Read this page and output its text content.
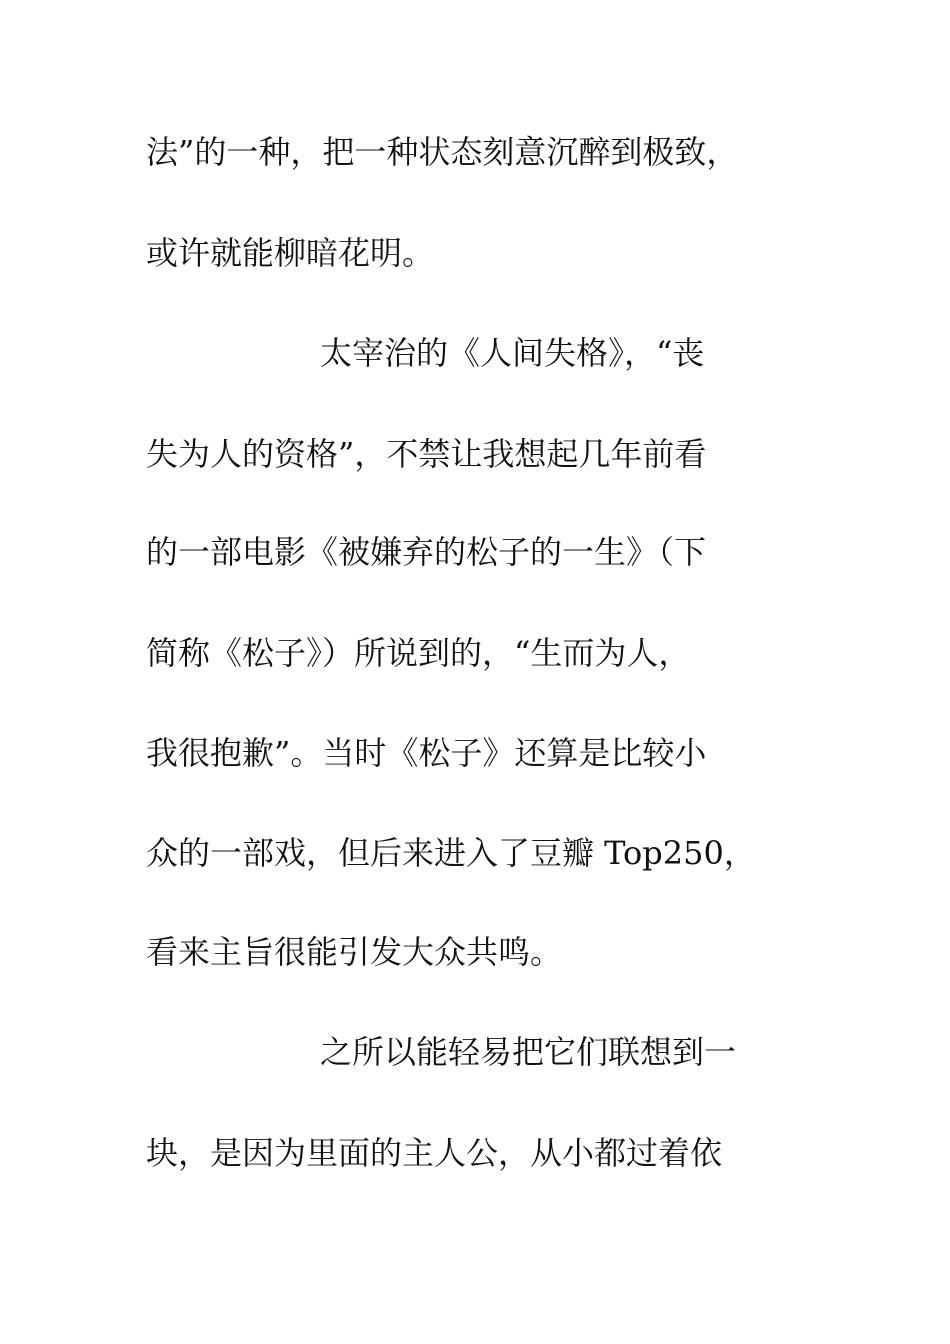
法”的一种，把一种状态刻意沉醉到极致，
或许就能柳暗花明。
太宰治的《人间失格》，“丧
失为人的资格”，不禁让我想起几年前看
的一部电影《被嫌弃的松子的一生》（下
简称《松子》）所说到的，“生而为人，
我很抱歉”。当时《松子》还算是比较小
众的一部戏，但后来进入了豆瓣 Top250，
看来主旨很能引发大众共鸣。
之所以能轻易把它们联想到一
块，是因为里面的主人公，从小都过着依
